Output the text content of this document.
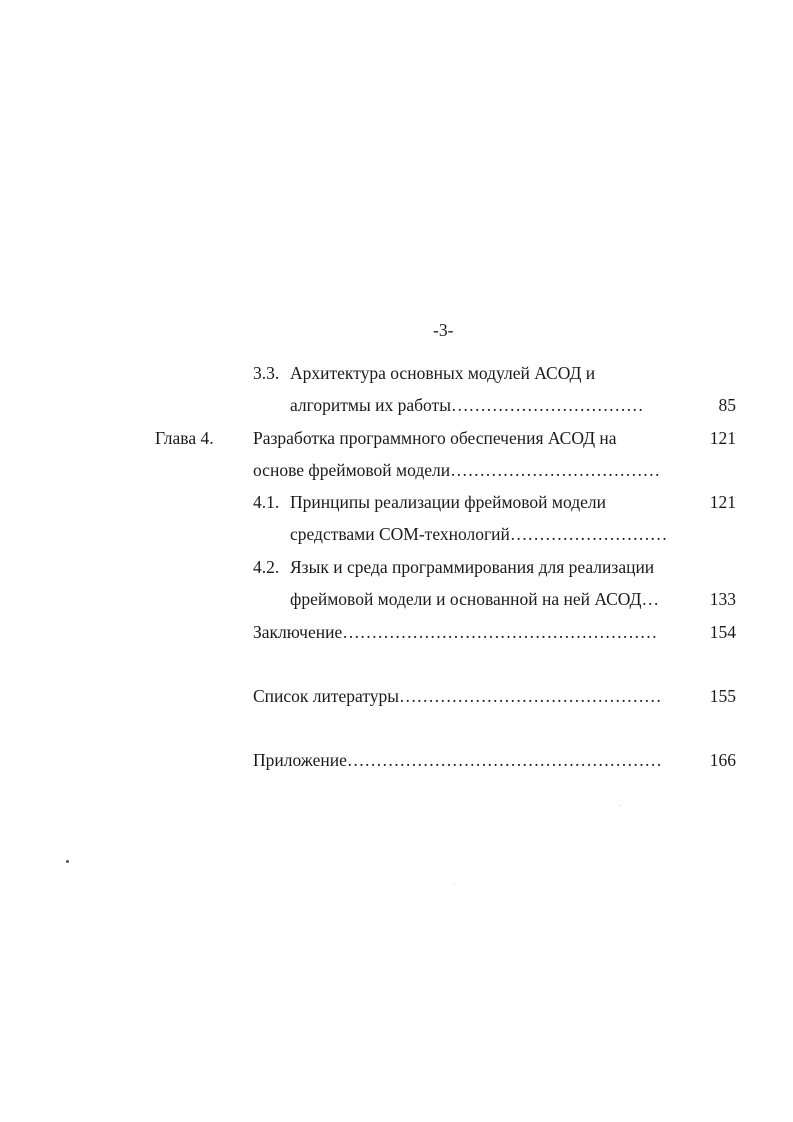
-3-
3.3. Архитектура основных модулей АСОД и
алгоритмы их работы……………………………	85
Глава 4. Разработка программного обеспечения АСОД на	121
основе фреймовой модели………………………………
4.1. Принципы реализации фреймовой модели	121
средствами СОМ-технологий………………………
4.2. Язык и среда программирования для реализации
фреймовой модели и основанной на ней АСОД…	133
Заключение………………………………………………	154
Список литературы………………………………………	155
Приложение………………………………………………	166
